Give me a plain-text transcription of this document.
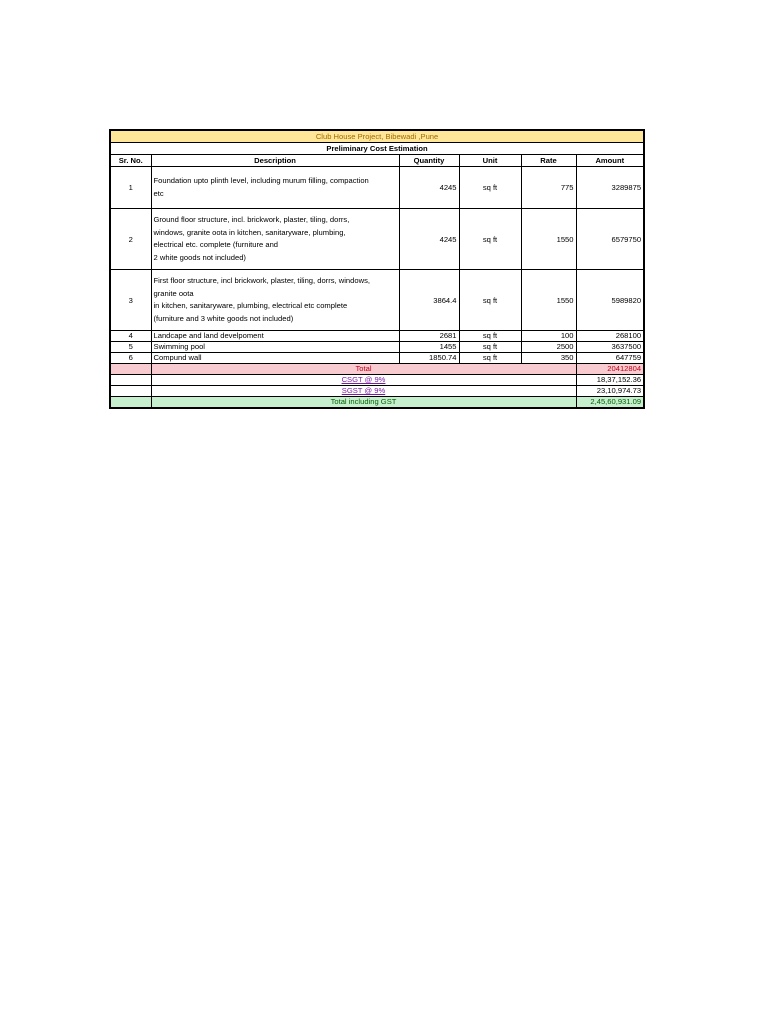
Club House Project, Bibewadi ,Pune					
Preliminary Cost Estimation					
Sr. No.	Description	Quantity	Unit	Rate	Amount
1	Foundation upto plinth level, including murum filling, compaction
etc	4245	sq ft	775	3289875
2	Ground floor structure, incl. brickwork, plaster, tiling, dorrs,
windows, granite oota in kitchen, sanitaryware, plumbing,
electrical etc. complete (furniture and
2 white goods not included)	4245	sq ft	1550	6579750
3	First floor structure, incl brickwork, plaster, tiling, dorrs, windows,
granite oota
in kitchen, sanitaryware, plumbing, electrical etc complete
(furniture and 3 white goods not included)	3864.4	sq ft	1550	5989820
4	Landcape and land develpoment	2681	sq ft	100	268100
5	Swimming pool	1455	sq ft	2500	3637500
6	Compund wall	1850.74	sq ft	350	647759
	Total				20412804
	CSGT @ 9%				18,37,152.36
	SGST @ 9%				23,10,974.73
	Total including GST				2,45,60,931.09
